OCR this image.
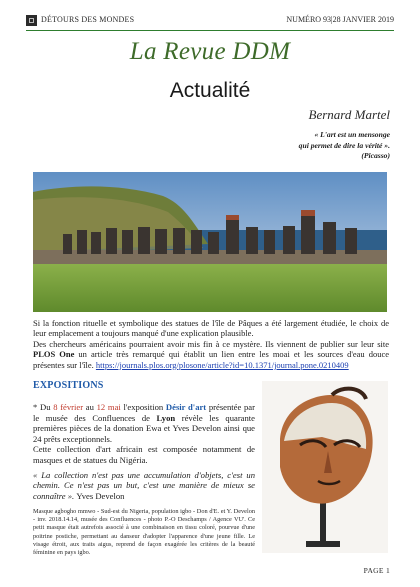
DÉTOURS DES MONDES	NUMÉRO 93|28 JANVIER 2019
La Revue DDM
Actualité
Bernard Martel
« L'art est un mensonge
qui permet de dire la vérité ».
(Picasso)

Si la fonction rituelle et symbolique des statues de l'île de Pâques a été largement étudiée, le choix de leur emplacement a toujours manqué d'une explication plausible.

Des chercheurs américains pourraient avoir mis fin à ce mystère. Ils viennent de publier sur leur site PLOS One un article très remarqué qui établit un lien entre les moai et les sources d'eau douce présentes sur l'île. https://journals.plos.org/plosone/article?id=10.1371/journal.pone.0210409

EXPOSITIONS

* Du 8 février au 12 mai l'exposition Désir d'art présentée par le musée des Confluences de Lyon révèle les quarante premières pièces de la donation Ewa et Yves Develon ainsi que 24 prêts exceptionnels.

Cette collection d'art africain est composée notamment de masques et de statues du Nigéria.

« La collection n'est pas une accumulation d'objets, c'est un chemin. Ce n'est pas un but, c'est une manière de mieux se connaître ». Yves Develon

Masque agbogho mmwo - Sud-est du Nigeria, population igbo - Don d'E. et Y. Develon - inv. 2018.14.14, musée des Confluences - photo P.-O Deschamps / Agence VU'. Ce petit masque était autrefois associé à une combinaison en tissu coloré, pourvue d'une poitrine postiche, permettant au danseur d'adopter l'apparence d'une jeune fille. Le visage étroit, aux traits aigus, reprend de façon exagérée les critères de la beauté féminine en pays igbo.
PAGE 1
